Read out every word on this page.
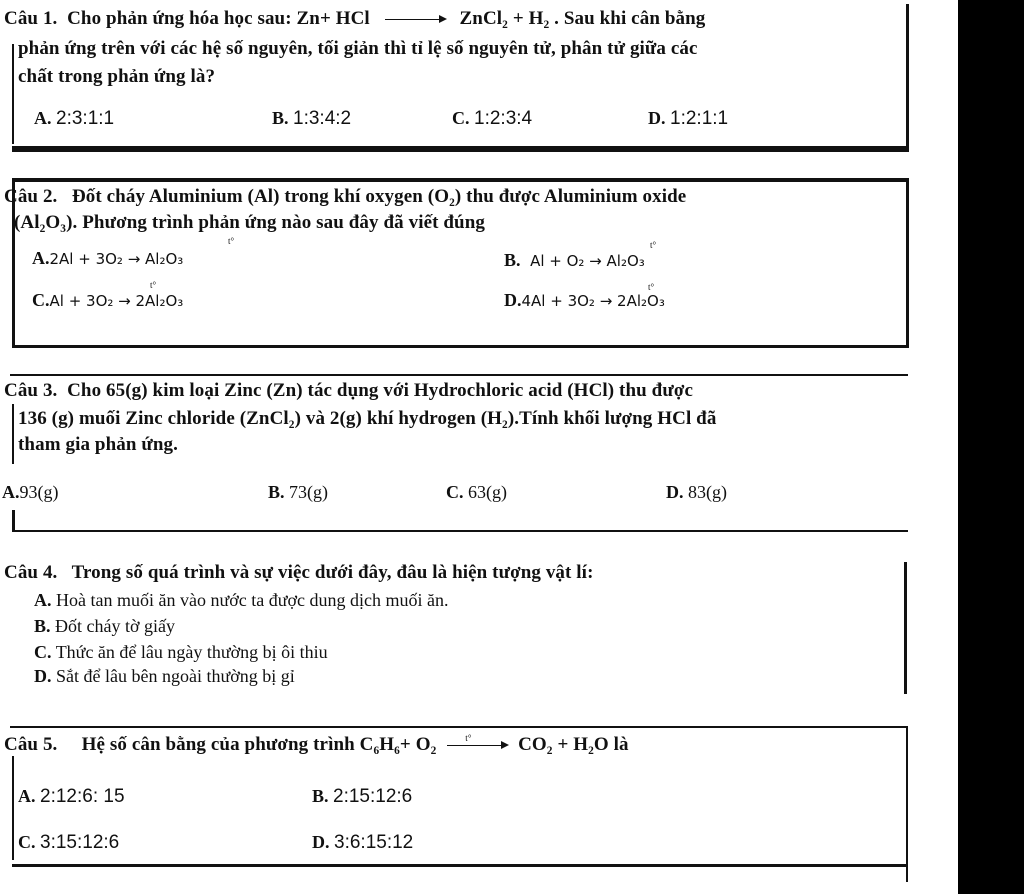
Câu 1. Cho phản ứng hóa học sau: Zn+ HCl → ZnCl₂ + H₂ . Sau khi cân bằng
phản ứng trên với các hệ số nguyên, tối giản thì tỉ lệ số nguyên tử, phân tử giữa các
chất trong phản ứng là?
A. 2:3:1:1	B. 1:3:4:2	C. 1:2:3:4	D. 1:2:1:1
Câu 2. Đốt cháy Aluminium (Al) trong khí oxygen (O₂) thu được Aluminium oxide
(Al₂O₃). Phương trình phản ứng nào sau đây đã viết đúng
A.2Al + 3O₂ → Al₂O₃	B. Al + O₂ → Al₂O₃
C.Al + 3O₂ → 2Al₂O₃	D.4Al + 3O₂ → 2Al₂O₃
t°	t°
t°	t°
Câu 3. Cho 65(g) kim loại Zinc (Zn) tác dụng với Hydrochloric acid (HCl) thu được
136 (g) muối Zinc chloride (ZnCl₂) và 2(g) khí hydrogen (H₂).Tính khối lượng HCl đã
tham gia phản ứng.
A.93(g)	B. 73(g)	C. 63(g)	D. 83(g)
Câu 4. Trong số quá trình và sự việc dưới đây, đâu là hiện tượng vật lí:
A. Hoà tan muối ăn vào nước ta được dung dịch muối ăn.
B. Đốt cháy tờ giấy
C. Thức ăn để lâu ngày thường bị ôi thiu
D. Sắt để lâu bên ngoài thường bị gỉ
Câu 5. Hệ số cân bằng của phương trình C₆H₆+ O₂	t° CO₂ + H₂O là
A. 2:12:6: 15	B. 2:15:12:6
C. 3:15:12:6	D. 3:6:15:12
